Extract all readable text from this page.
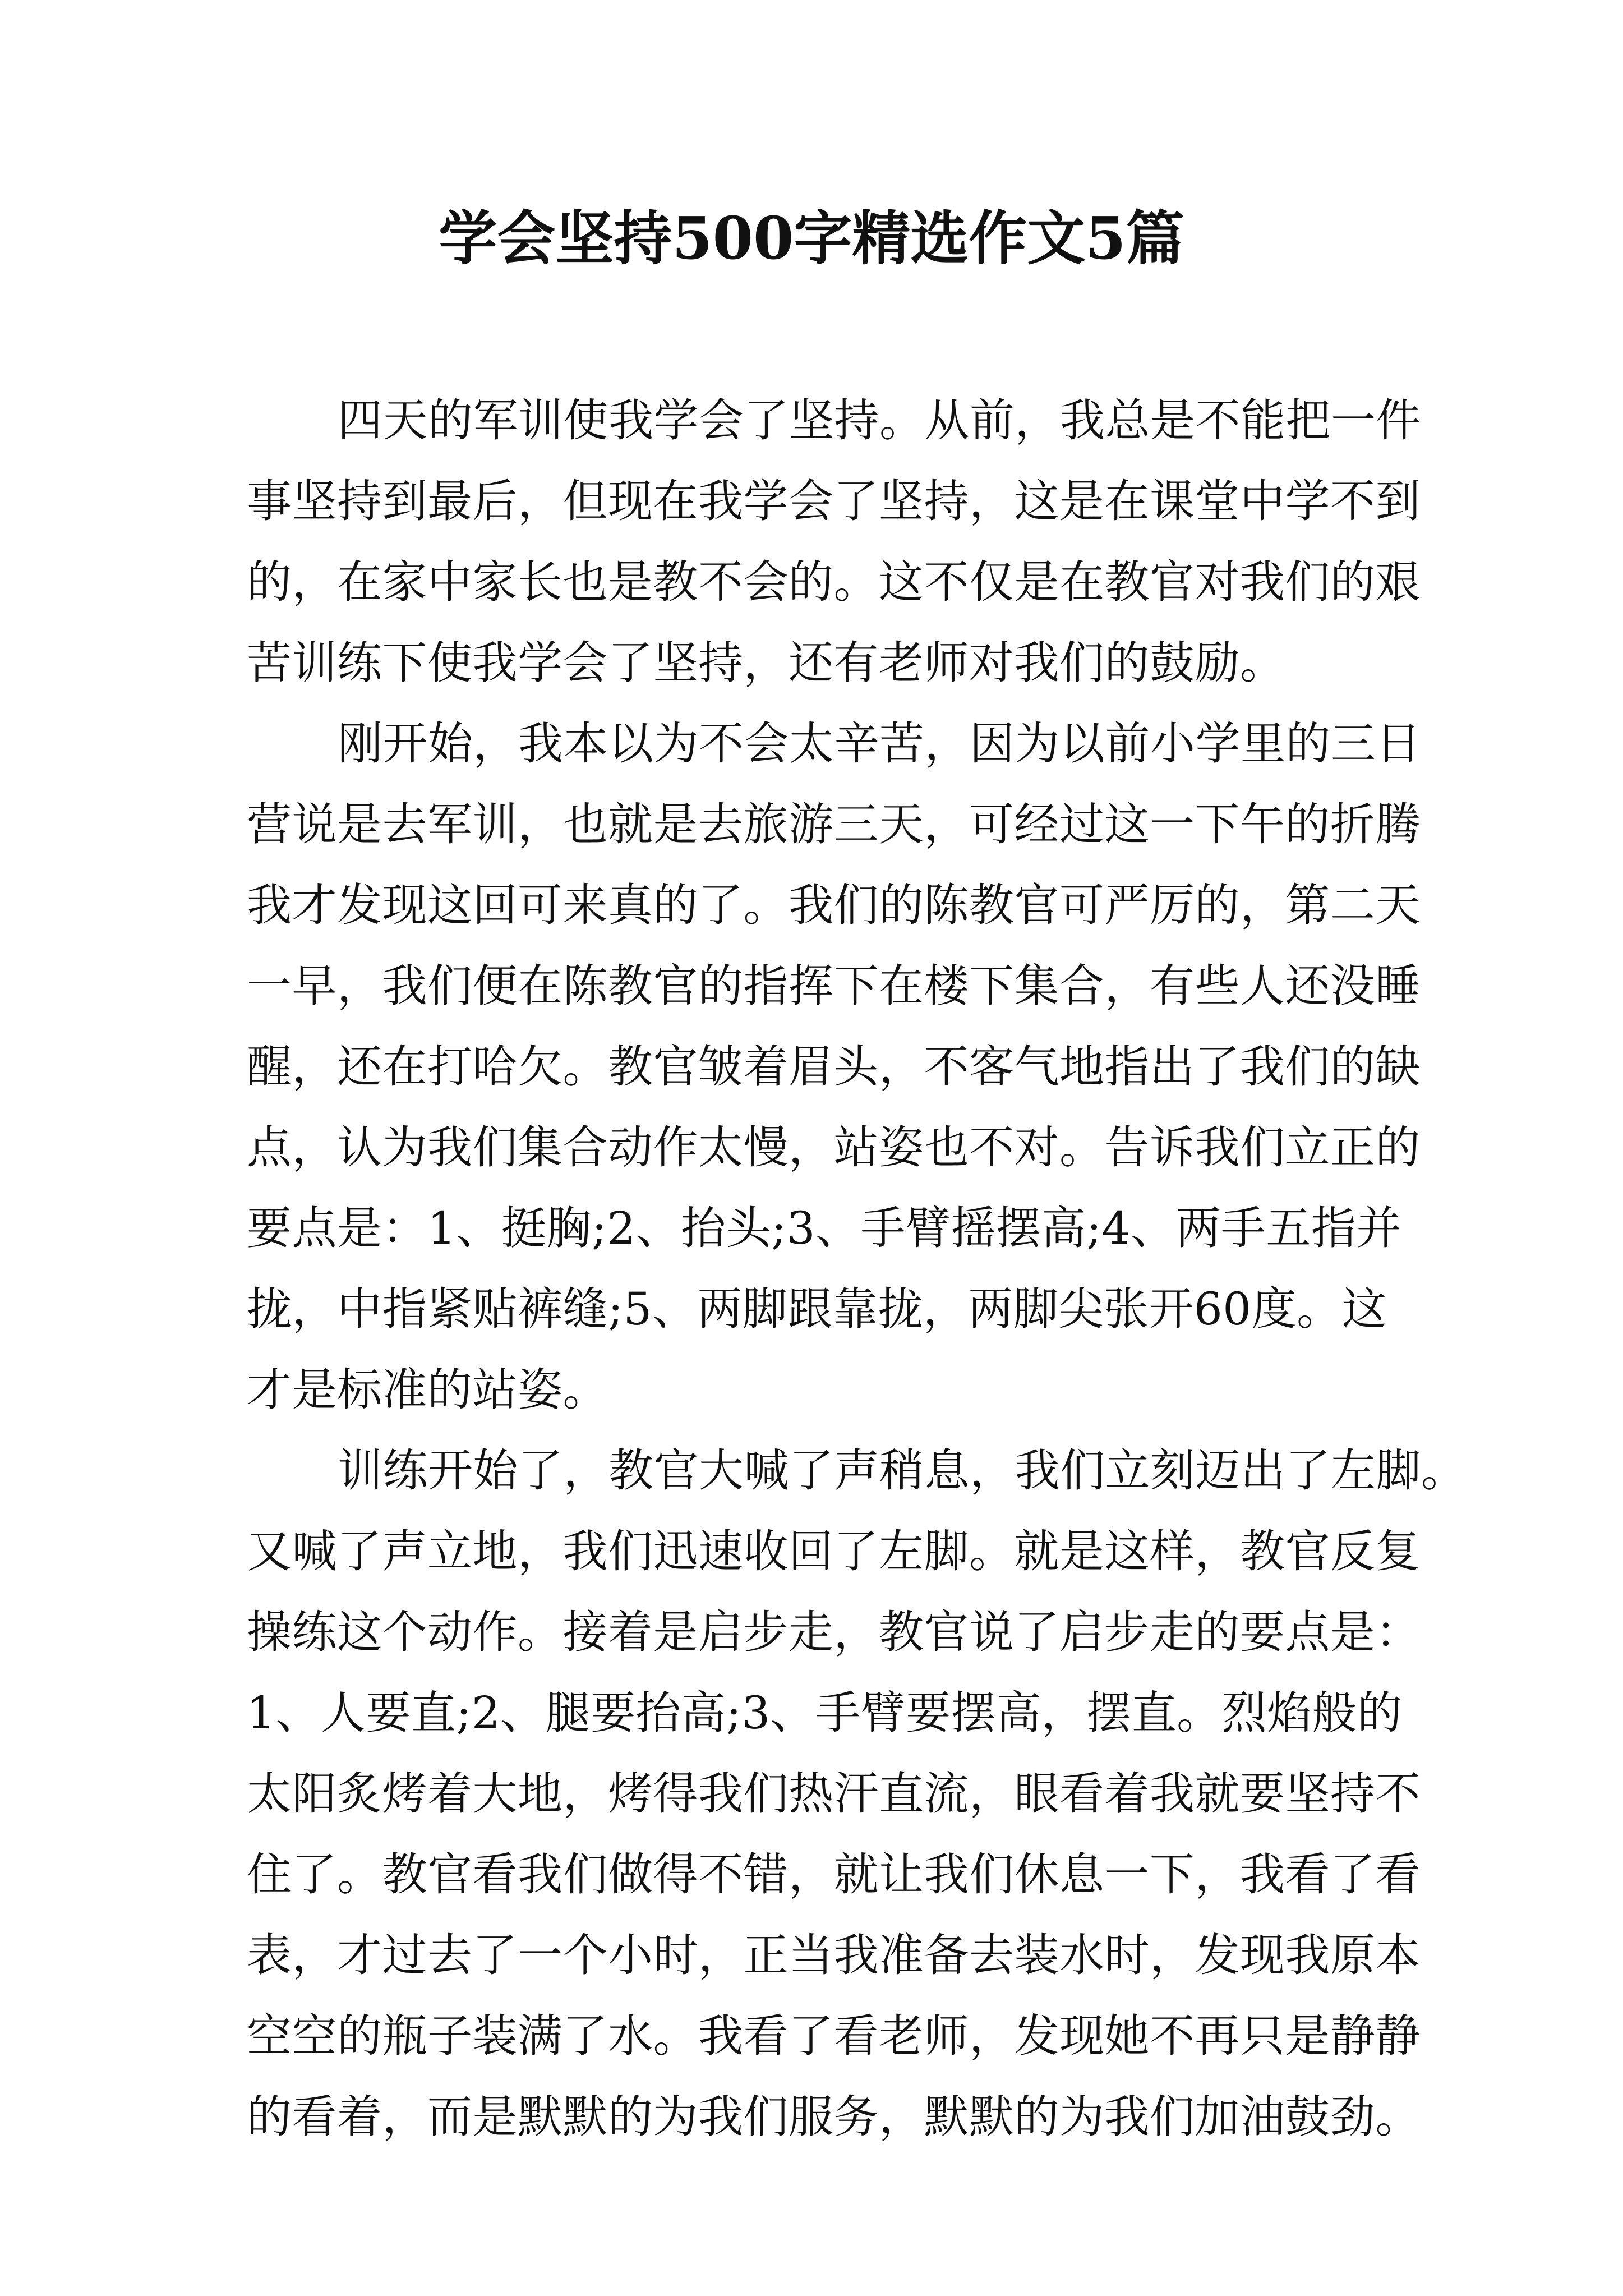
学会坚持500字精选作文5篇
四天的军训使我学会了坚持。从前，我总是不能把一件
事坚持到最后，但现在我学会了坚持，这是在课堂中学不到
的，在家中家长也是教不会的。这不仅是在教官对我们的艰
苦训练下使我学会了坚持，还有老师对我们的鼓励。
刚开始，我本以为不会太辛苦，因为以前小学里的三日
营说是去军训，也就是去旅游三天，可经过这一下午的折腾
我才发现这回可来真的了。我们的陈教官可严厉的，第二天
一早，我们便在陈教官的指挥下在楼下集合，有些人还没睡
醒，还在打哈欠。教官皱着眉头，不客气地指出了我们的缺
点，认为我们集合动作太慢，站姿也不对。告诉我们立正的
要点是：1、挺胸;2、抬头;3、手臂摇摆高;4、两手五指并
拢，中指紧贴裤缝;5、两脚跟靠拢，两脚尖张开60度。这
才是标准的站姿。
训练开始了，教官大喊了声稍息，我们立刻迈出了左脚。
又喊了声立地，我们迅速收回了左脚。就是这样，教官反复
操练这个动作。接着是启步走，教官说了启步走的要点是：
1、人要直;2、腿要抬高;3、手臂要摆高，摆直。烈焰般的
太阳炙烤着大地，烤得我们热汗直流，眼看着我就要坚持不
住了。教官看我们做得不错，就让我们休息一下，我看了看
表，才过去了一个小时，正当我准备去装水时，发现我原本
空空的瓶子装满了水。我看了看老师，发现她不再只是静静
的看着，而是默默的为我们服务，默默的为我们加油鼓劲。
